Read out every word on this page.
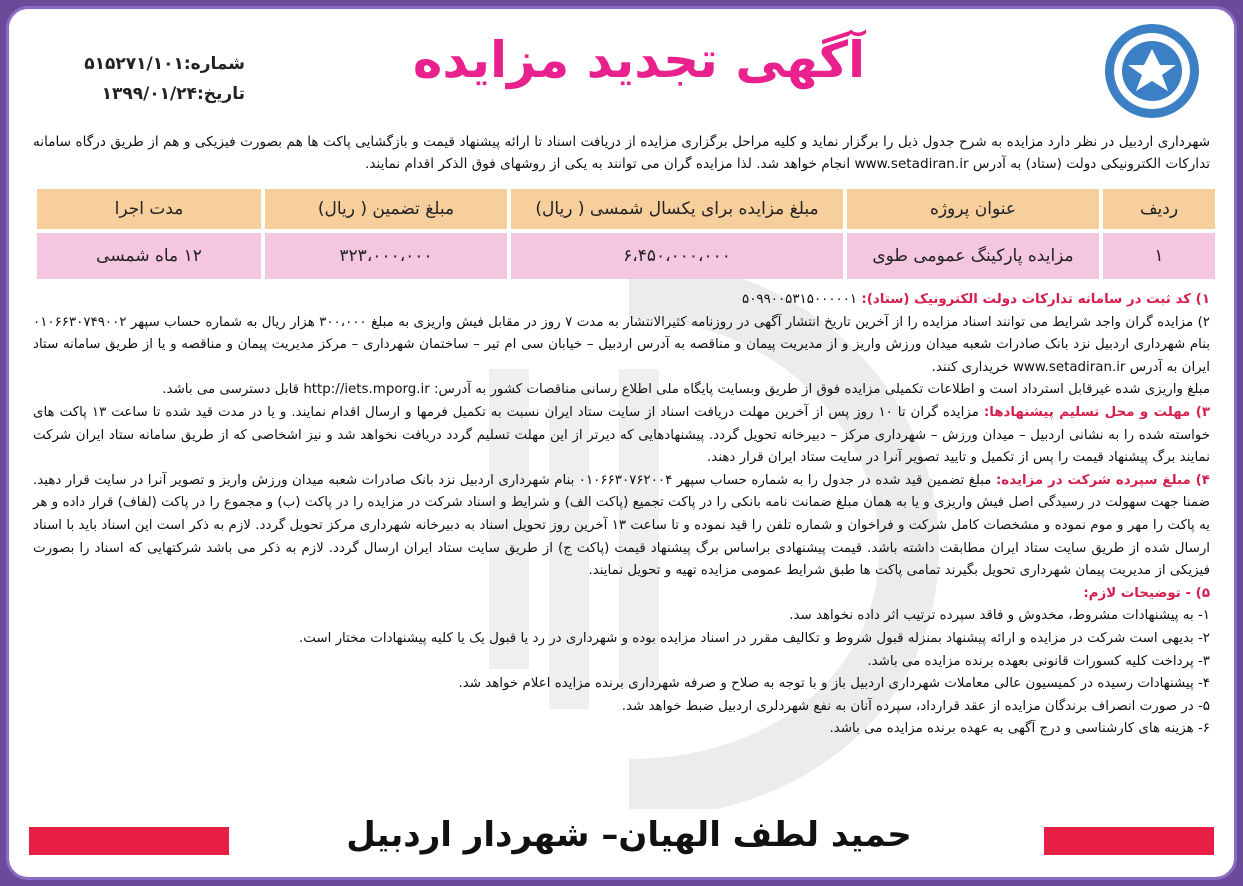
آگهی تجدید مزایده
شماره:۵۱۵۲۷۱/۱۰۱
تاریخ:۱۳۹۹/۰۱/۲۴
شهرداری اردبیل در نظر دارد مزایده به شرح جدول ذیل را برگزار نماید و کلیه مراحل برگزاری مزایده از دریافت اسناد تا ارائه پیشنهاد قیمت و بازگشایی پاکت ها هم بصورت فیزیکی و هم از طریق درگاه سامانه تدارکات الکترونیکی دولت (ستاد) به آدرس www.setadiran.ir انجام خواهد شد. لذا مزایده گران می توانند به یکی از روشهای فوق الذکر اقدام نمایند.
ردیف	عنوان پروژه	مبلغ مزایده برای یکسال شمسی ( ریال)	مبلغ تضمین ( ریال)	مدت اجرا
۱	مزایده پارکینگ عمومی طوی	۶،۴۵۰،۰۰۰،۰۰۰	۳۲۳،۰۰۰،۰۰۰	۱۲ ماه شمسی

۱) کد ثبت در سامانه تدارکات دولت الکترونیک (ستاد): ۵۰۹۹۰۰۵۳۱۵۰۰۰۰۰۱

۲) مزایده گران واجد شرایط می توانند اسناد مزایده را از آخرین تاریخ انتشار آگهی در روزنامه کثیرالانتشار به مدت ۷ روز در مقابل فیش واریزی به مبلغ ۳۰۰،۰۰۰ هزار ریال به شماره حساب سپهر ۰۱۰۶۶۳۰۷۴۹۰۰۲ بنام شهرداری اردبیل نزد بانک صادرات شعبه میدان ورزش واریز و از مدیریت پیمان و مناقصه به آدرس اردبیل – خیابان سی ام تیر – ساختمان شهرداری – مرکز مدیریت پیمان و مناقصه و یا از طریق سامانه ستاد ایران به آدرس www.setadiran.ir خریداری کنند.

مبلغ واریزی شده غیرقابل استرداد است و اطلاعات تکمیلی مزایده فوق از طریق وبسایت پایگاه ملی اطلاع رسانی مناقصات کشور به آدرس: http://iets.mporg.ir قابل دسترسی می باشد.

۳) مهلت و محل تسلیم پیشنهادها: مزایده گران تا ۱۰ روز پس از آخرین مهلت دریافت اسناد از سایت ستاد ایران نسبت به تکمیل فرمها و ارسال اقدام نمایند. و یا در مدت قید شده تا ساعت ۱۳ پاکت های خواسته شده را به نشانی اردبیل – میدان ورزش – شهرداری مرکز – دبیرخانه تحویل گردد. پیشنهادهایی که دیرتر از این مهلت تسلیم گردد دریافت نخواهد شد و نیز اشخاصی که از طریق سامانه ستاد ایران شرکت نمایند برگ پیشنهاد قیمت را پس از تکمیل و تایید تصویر آنرا در سایت ستاد ایران قرار دهند.

۴) مبلغ سپرده شرکت در مزایده: مبلغ تضمین قید شده در جدول را به شماره حساب سپهر ۰۱۰۶۶۳۰۷۶۲۰۰۴ بنام شهرداری اردبیل نزد بانک صادرات شعبه میدان ورزش واریز و تصویر آنرا در سایت قرار دهید. ضمنا جهت سهولت در رسیدگی اصل فیش واریزی و یا به همان مبلغ ضمانت نامه بانکی را در پاکت تجمیع (پاکت الف) و شرایط و اسناد شرکت در مزایده را در پاکت (ب) و مجموع را در پاکت (لفاف) قرار داده و هر یه پاکت را مهر و موم نموده و مشخصات کامل شرکت و فراخوان و شماره تلفن را قید نموده و تا ساعت ۱۳ آخرین روز تحویل اسناد به دبیرخانه شهرداری مرکز تحویل گردد. لازم به ذکر است این اسناد باید با اسناد ارسال شده از طریق سایت ستاد ایران مطابقت داشته باشد. قیمت پیشنهادی براساس برگ پیشنهاد قیمت (پاکت ج) از طریق سایت ستاد ایران ارسال گردد. لازم به ذکر می باشد شرکتهایی که اسناد را بصورت فیزیکی از مدیریت پیمان شهرداری تحویل بگیرند تمامی پاکت ها طبق شرایط عمومی مزایده تهیه و تحویل نمایند.

۵) - توضیحات لازم:

۱- به پیشنهادات مشروط، مخدوش و فاقد سپرده ترتیب اثر داده نخواهد سد.

۲- بدیهی است شرکت در مزایده و ارائه پیشنهاد بمنزله قبول شروط و تکالیف مقرر در اسناد مزایده بوده و شهرداری در رد یا قبول یک یا کلیه پیشنهادات مختار است.

۳- پرداخت کلیه کسورات قانونی بعهده برنده مزایده می باشد.

۴- پیشنهادات رسیده در کمیسیون عالی معاملات شهرداری اردبیل باز و با توجه به صلاح و صرفه شهرداری برنده مزایده اعلام خواهد شد.

۵- در صورت انصراف برندگان مزایده از عقد قرارداد، سپرده آنان به نفع شهردلری اردبیل ضبط خواهد شد.

۶- هزینه های کارشناسی و درج آگهی به عهده برنده مزایده می باشد.

حمید لطف الهیان– شهردار اردبیل
